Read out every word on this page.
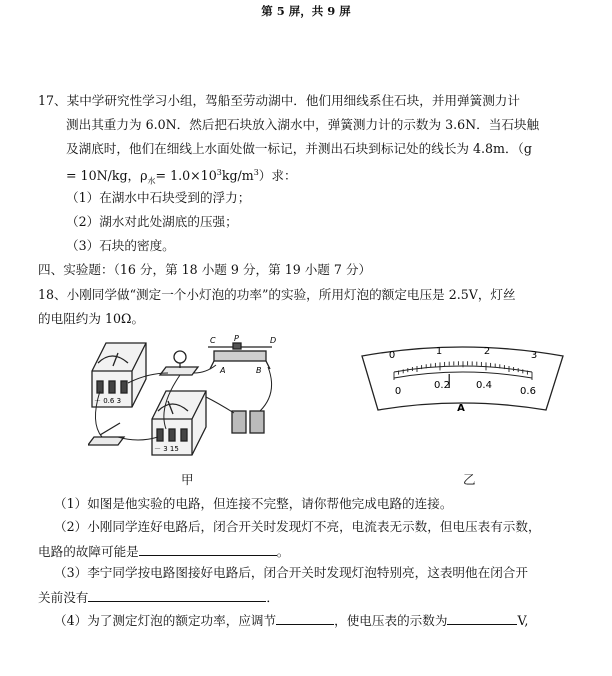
第 5 屏，共 9 屏
17、某中学研究性学习小组，驾船至劳动湖中．他们用细线系住石块，并用弹簧测力计
测出其重力为 6.0N．然后把石块放入湖水中，弹簧测力计的示数为 3.6N．当石块触
及湖底时，他们在细线上水面处做一标记，并测出石块到标记处的线长为 4.8m．（g
= 10N/kg，$\rho_水= 1.0\times 10^3kg/m^3$）求：
（1）在湖水中石块受到的浮力；
（2）湖水对此处湖底的压强；
（3）石块的密度。
四、实验题：（16 分，第 18 小题 9 分，第 19 小题 7 分）
18、小刚同学做“测定一个小灯泡的功率”的实验，所用灯泡的额定电压是 2.5V，灯丝
的电阻约为 10Ω。
C P	D
A	B
－ 0.6 3
－ 3 15
0	1	2	3
0
0.2	0.4
0.6
A
甲	乙
（1）如图是他实验的电路，但连接不完整，请你帮他完成电路的连接。
（2）小刚同学连好电路后，闭合开关时发现灯不亮，电流表无示数，但电压表有示数，
电路的故障可能是	。
（3）李宁同学按电路图接好电路后，闭合开关时发现灯泡特别亮，这表明他在闭合开
关前没有	．
（4）为了测定灯泡的额定功率，应调节	，使电压表的示数为	V,
